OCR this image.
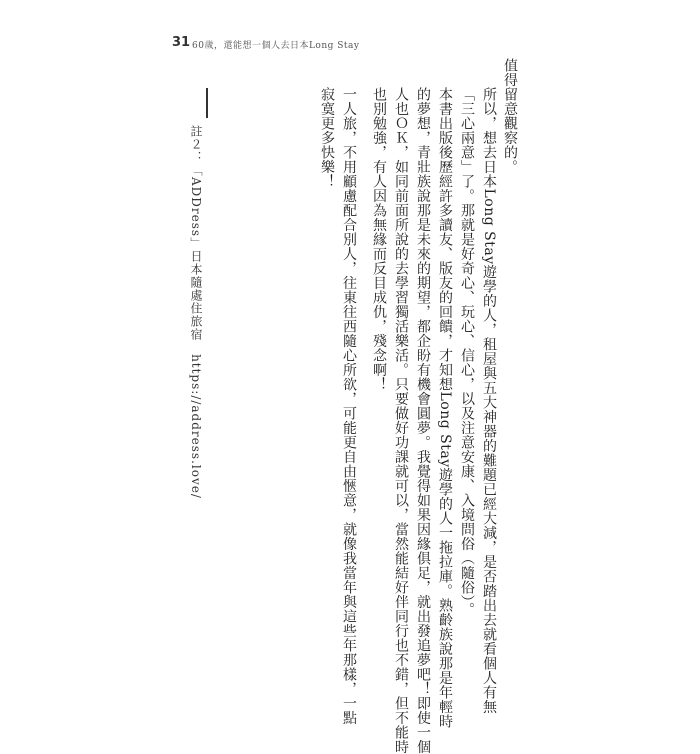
31 60歲，還能想一個人去日本Long Stay
值得留意觀察的。
所以，想去日本Long Stay遊學的人，租屋與五大神器的難題已經大減，是否踏出去就看個人有無
「三心兩意」了。那就是好奇心、玩心、信心，以及注意安康、入境問俗（隨俗）。
本書出版後歷經許多讀友、版友的回饋，才知想Long Stay遊學的人一拖拉庫。熟齡族說那是年輕時
的夢想，青壯族說那是未來的期望，都企盼有機會圓夢。我覺得如果因緣俱足，就出發追夢吧！即使一個
人也ＯＫ，如同前面所說的去學習獨活樂活。只要做好功課就可以，當然能結好伴同行也不錯，但不能時
也別勉強，有人因為無緣而反目成仇，殘念啊！
一人旅，不用顧慮配合別人，往東往西隨心所欲，可能更自由愜意，就像我當年與這些年那樣，一點
寂寞更多快樂！
註２：「ADDress」日本隨處住旅宿　https://address.love/
